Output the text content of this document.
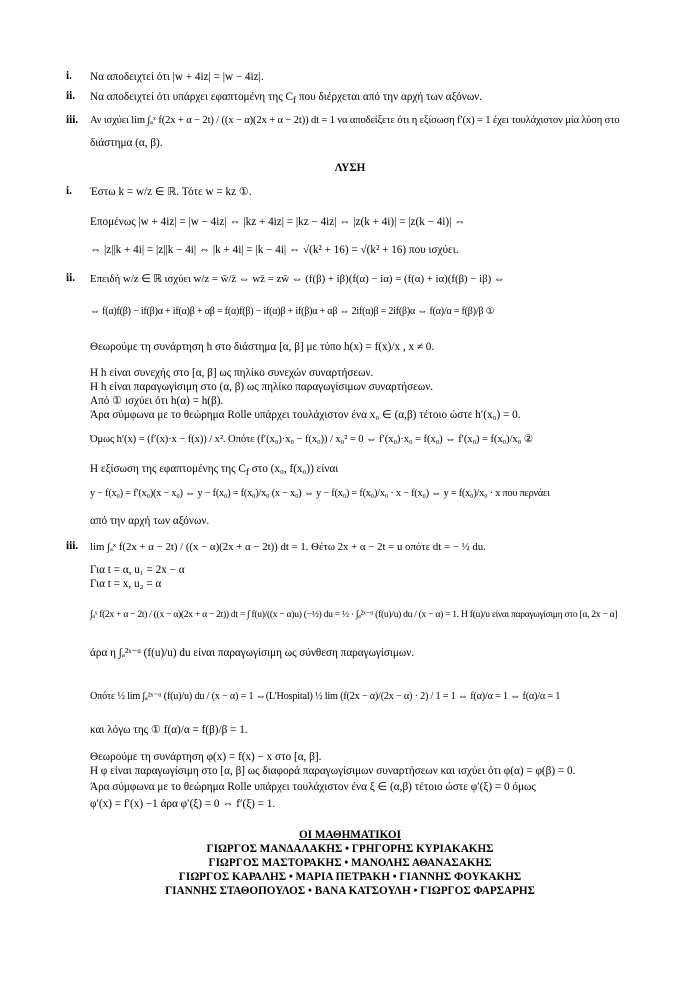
i. Να αποδειχτεί ότι |w + 4iz| = |w − 4iz|.
ii. Να αποδειχτεί ότι υπάρχει εφαπτομένη της $C_f$ που διέρχεται από την αρχή των αξόνων.
iii. Αν ισχύει lim ∫ₐˣ f(2x + α − 2t) / ((x − α)(2x + α − 2t)) dt = 1 να αποδείξετε ότι η εξίσωση f′(x) = 1 έχει τουλάχιστον μία λύση στο
διάστημα (α, β).
ΛΥΣΗ
i. Έστω k = w/z ∈ ℝ. Τότε w = kz ①.
Επομένως |w + 4iz| = |w − 4iz| ⇔ |kz + 4iz| = |kz − 4iz| ⇔ |z(k + 4i)| = |z(k − 4i)| ⇔
⇔ |z||k + 4i| = |z||k − 4i| ⇔ |k + 4i| = |k − 4i| ⇔ √(k² + 16) = √(k² + 16) που ισχύει.
ii. Επειδή w/z ∈ ℝ ισχύει w/z = w̄/z̄ ⇔ wz̄ = zw̄ ⇔ (f(β) + iβ)(f(α) − iα) = (f(α) + iα)(f(β) − iβ) ⇔
⇔ f(α)f(β) − if(β)α + if(α)β + αβ = f(α)f(β) − if(α)β + if(β)α + αβ ⇔ 2if(α)β = 2if(β)α ⇔ f(α)/α = f(β)/β ①
Θεωρούμε τη συνάρτηση h στο διάστημα [α, β] με τύπο h(x) = f(x)/x , x ≠ 0.
Η h είναι συνεχής στο [α, β] ως πηλίκο συνεχών συναρτήσεων.
Η h είναι παραγωγίσιμη στο (α, β) ως πηλίκο παραγωγίσιμων συναρτήσεων.
Από ① ισχύει ότι h(α) = h(β).
Άρα σύμφωνα με το θεώρημα Rolle υπάρχει τουλάχιστον ένα x₀ ∈ (α,β) τέτοιο ώστε h′(x₀) = 0.
Όμως h′(x) = (f′(x)·x − f(x)) / x². Οπότε (f′(x₀)·x₀ − f(x₀)) / x₀² = 0 ⇔ f′(x₀)·x₀ = f(x₀) ⇔ f′(x₀) = f(x₀)/x₀ ②
Η εξίσωση της εφαπτομένης της $C_f$ στο (x₀, f(x₀)) είναι
y − f(x₀) = f′(x₀)(x − x₀) ⇔ y − f(x₀) = f(x₀)/x₀ (x − x₀) ⇔ y − f(x₀) = f(x₀)/x₀ · x − f(x₀) ⇔ y = f(x₀)/x₀ · x που περνάει
από την αρχή των αξόνων.
iii. lim ∫ₐˣ f(2x + α − 2t) / ((x − α)(2x + α − 2t)) dt = 1. Θέτω 2x + α − 2t = u οπότε dt = − ½ du.
Για t = α, u₁ = 2x − α
Για t = x, u₂ = α
∫ₐˣ f(2x + α − 2t) / ((x − α)(2x + α − 2t)) dt = ∫ f(u)/((x − α)u) (−½) du = ½ · ∫ₐ²ˣ⁻ᵅ (f(u)/u) du / (x − α) = 1. Η f(u)/u είναι παραγωγίσιμη στο [α, 2x − α]
άρα η ∫ₐ²ˣ⁻ᵅ (f(u)/u) du είναι παραγωγίσιμη ως σύνθεση παραγωγίσιμων.
Οπότε ½ lim ∫ₐ²ˣ⁻ᵅ (f(u)/u) du / (x − α) = 1 ⇔(L'Hospital) ½ lim (f(2x − α)/(2x − α) · 2) / 1 = 1 ⇔ f(α)/α = 1 ⇔ f(α)/α = 1
και λόγω της ① f(α)/α = f(β)/β = 1.
Θεωρούμε τη συνάρτηση φ(x) = f(x) − x στο [α, β].
Η φ είναι παραγωγίσιμη στο [α, β] ως διαφορά παραγωγίσιμων συναρτήσεων και ισχύει ότι φ(α) = φ(β) = 0.
Άρα σύμφωνα με το θεώρημα Rolle υπάρχει τουλάχιστον ένα ξ ∈ (α,β) τέτοιο ώστε φ′(ξ) = 0 όμως
φ′(x) = f′(x) −1 άρα φ′(ξ) = 0 ⇔ f′(ξ) = 1.
ΟΙ ΜΑΘΗΜΑΤΙΚΟΙ
ΓΙΩΡΓΟΣ ΜΑΝΔΑΛΑΚΗΣ • ΓΡΗΓΟΡΗΣ ΚΥΡΙΑΚΑΚΗΣ
ΓΙΩΡΓΟΣ ΜΑΣΤΟΡΑΚΗΣ • ΜΑΝΟΛΗΣ ΑΘΑΝΑΣΑΚΗΣ
ΓΙΩΡΓΟΣ ΚΑΡΑΛΗΣ • ΜΑΡΙΑ ΠΕΤΡΑΚΗ • ΓΙΑΝΝΗΣ ΦΟΥΚΑΚΗΣ
ΓΙΑΝΝΗΣ ΣΤΑΘΟΠΟΥΛΟΣ • ΒΑΝΑ ΚΑΤΣΟΥΛΗ • ΓΙΩΡΓΟΣ ΦΑΡΣΑΡΗΣ
